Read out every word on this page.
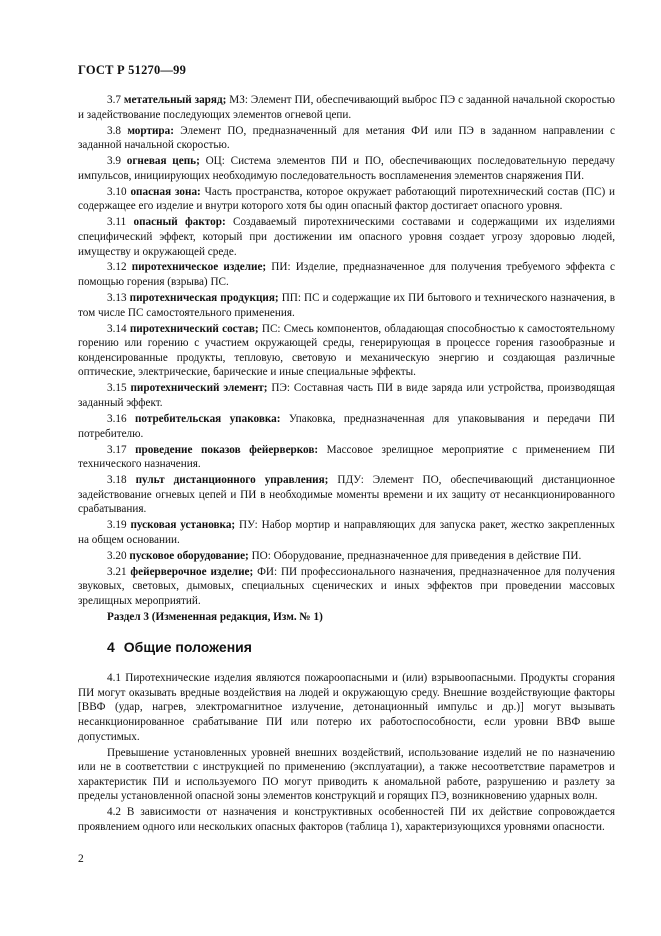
ГОСТ Р 51270—99

3.7 метательный заряд; МЗ: Элемент ПИ, обеспечивающий выброс ПЭ с заданной начальной скоростью и задействование последующих элементов огневой цепи.

3.8 мортира: Элемент ПО, предназначенный для метания ФИ или ПЭ в заданном направлении с заданной начальной скоростью.

3.9 огневая цепь; ОЦ: Система элементов ПИ и ПО, обеспечивающих последовательную передачу импульсов, инициирующих необходимую последовательность воспламенения элементов снаряжения ПИ.

3.10 опасная зона: Часть пространства, которое окружает работающий пиротехнический состав (ПС) и содержащее его изделие и внутри которого хотя бы один опасный фактор достигает опасного уровня.

3.11 опасный фактор: Создаваемый пиротехническими составами и содержащими их изделиями специфический эффект, который при достижении им опасного уровня создает угрозу здоровью людей, имуществу и окружающей среде.

3.12 пиротехническое изделие; ПИ: Изделие, предназначенное для получения требуемого эффекта с помощью горения (взрыва) ПС.

3.13 пиротехническая продукция; ПП: ПС и содержащие их ПИ бытового и технического назначения, в том числе ПС самостоятельного применения.

3.14 пиротехнический состав; ПС: Смесь компонентов, обладающая способностью к самостоятельному горению или горению с участием окружающей среды, генерирующая в процессе горения газообразные и конденсированные продукты, тепловую, световую и механическую энергию и создающая различные оптические, электрические, барические и иные специальные эффекты.

3.15 пиротехнический элемент; ПЭ: Составная часть ПИ в виде заряда или устройства, производящая заданный эффект.

3.16 потребительская упаковка: Упаковка, предназначенная для упаковывания и передачи ПИ потребителю.

3.17 проведение показов фейерверков: Массовое зрелищное мероприятие с применением ПИ технического назначения.

3.18 пульт дистанционного управления; ПДУ: Элемент ПО, обеспечивающий дистанционное задействование огневых цепей и ПИ в необходимые моменты времени и их защиту от несанкционированного срабатывания.

3.19 пусковая установка; ПУ: Набор мортир и направляющих для запуска ракет, жестко закрепленных на общем основании.

3.20 пусковое оборудование; ПО: Оборудование, предназначенное для приведения в действие ПИ.

3.21 фейерверочное изделие; ФИ: ПИ профессионального назначения, предназначенное для получения звуковых, световых, дымовых, специальных сценических и иных эффектов при проведении массовых зрелищных мероприятий.

Раздел 3 (Измененная редакция, Изм. № 1)

4 Общие положения

4.1 Пиротехнические изделия являются пожароопасными и (или) взрывоопасными. Продукты сгорания ПИ могут оказывать вредные воздействия на людей и окружающую среду. Внешние воздействующие факторы [ВВФ (удар, нагрев, электромагнитное излучение, детонационный импульс и др.)] могут вызывать несанкционированное срабатывание ПИ или потерю их работоспособности, если уровни ВВФ выше допустимых.

Превышение установленных уровней внешних воздействий, использование изделий не по назначению или не в соответствии с инструкцией по применению (эксплуатации), а также несоответствие параметров и характеристик ПИ и используемого ПО могут приводить к аномальной работе, разрушению и разлету за пределы установленной опасной зоны элементов конструкций и горящих ПЭ, возникновению ударных волн.

4.2 В зависимости от назначения и конструктивных особенностей ПИ их действие сопровождается проявлением одного или нескольких опасных факторов (таблица 1), характеризующихся уровнями опасности.

2
